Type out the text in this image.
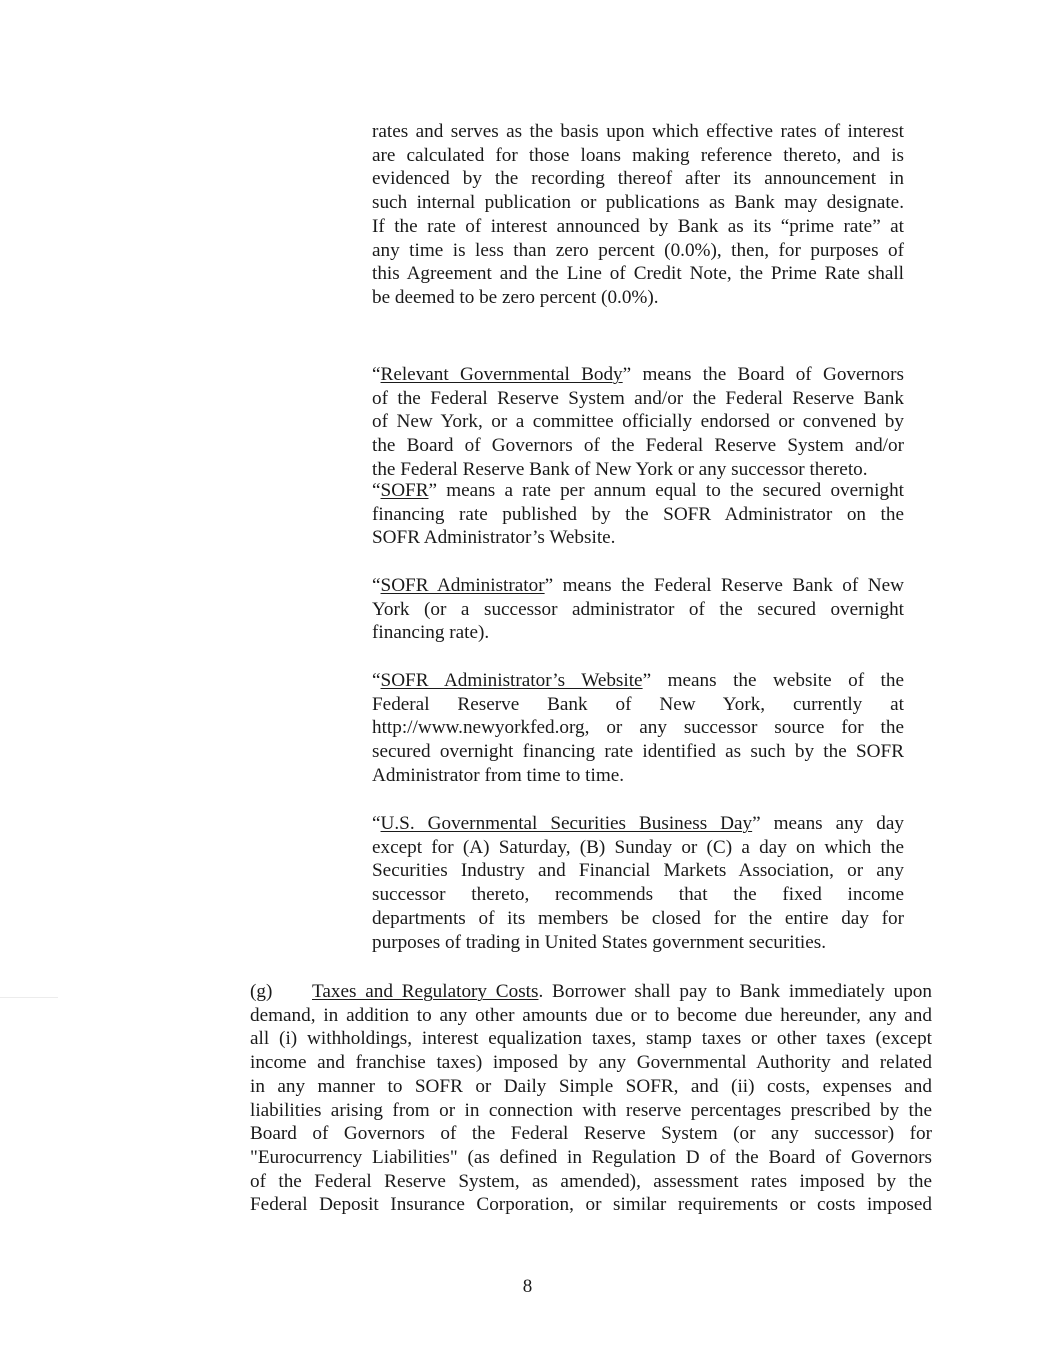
rates and serves as the basis upon which effective rates of interest
are calculated for those loans making reference thereto, and is
evidenced by the recording thereof after its announcement in
such internal publication or publications as Bank may designate.
If the rate of interest announced by Bank as its “prime rate” at
any time is less than zero percent (0.0%), then, for purposes of
this Agreement and the Line of Credit Note, the Prime Rate shall
be deemed to be zero percent (0.0%).
“Relevant Governmental Body” means the Board of Governors
of the Federal Reserve System and/or the Federal Reserve Bank
of New York, or a committee officially endorsed or convened by
the Board of Governors of the Federal Reserve System and/or
the Federal Reserve Bank of New York or any successor thereto.
“SOFR” means a rate per annum equal to the secured overnight
financing rate published by the SOFR Administrator on the
SOFR Administrator’s Website.
“SOFR Administrator” means the Federal Reserve Bank of New
York (or a successor administrator of the secured overnight
financing rate).
“SOFR Administrator’s Website” means the website of the
Federal Reserve Bank of New York, currently at
http://www.newyorkfed.org, or any successor source for the
secured overnight financing rate identified as such by the SOFR
Administrator from time to time.
“U.S. Governmental Securities Business Day” means any day
except for (A) Saturday, (B) Sunday or (C) a day on which the
Securities Industry and Financial Markets Association, or any
successor thereto, recommends that the fixed income
departments of its members be closed for the entire day for
purposes of trading in United States government securities.
(g) Taxes and Regulatory Costs. Borrower shall pay to Bank immediately upon
demand, in addition to any other amounts due or to become due hereunder, any and
all (i) withholdings, interest equalization taxes, stamp taxes or other taxes (except
income and franchise taxes) imposed by any Governmental Authority and related
in any manner to SOFR or Daily Simple SOFR, and (ii) costs, expenses and
liabilities arising from or in connection with reserve percentages prescribed by the
Board of Governors of the Federal Reserve System (or any successor) for
"Eurocurrency Liabilities" (as defined in Regulation D of the Board of Governors
of the Federal Reserve System, as amended), assessment rates imposed by the
Federal Deposit Insurance Corporation, or similar requirements or costs imposed
8
